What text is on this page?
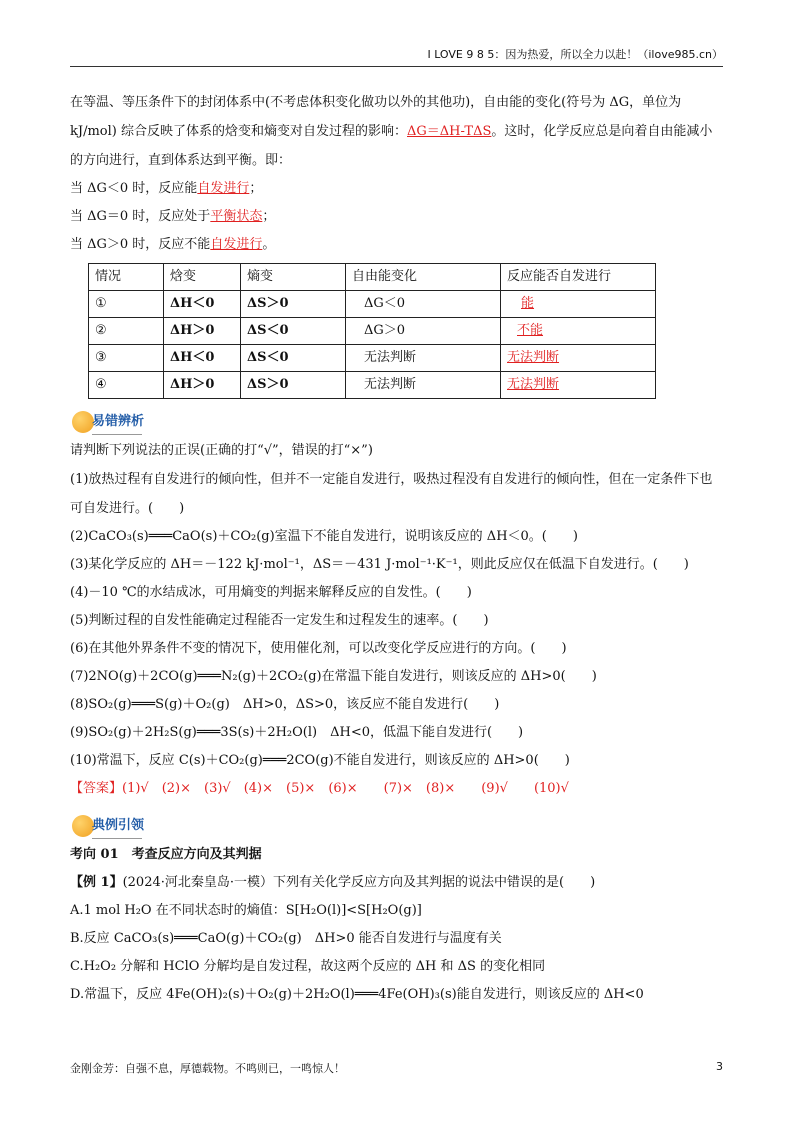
I LOVE 9 8 5：因为热爱，所以全力以赴！（ilove985.cn）

在等温、等压条件下的封闭体系中(不考虑体积变化做功以外的其他功)，自由能的变化(符号为 ΔG，单位为 kJ/mol) 综合反映了体系的焓变和熵变对自发过程的影响：ΔG＝ΔH-TΔS。这时，化学反应总是向着自由能减小的方向进行，直到体系达到平衡。即：

当 ΔG＜0 时，反应能自发进行；

当 ΔG＝0 时，反应处于平衡状态；

当 ΔG＞0 时，反应不能自发进行。

情况	焓变	熵变	自由能变化	反应能否自发进行
①	ΔH＜0	ΔS＞0	ΔG＜0	能
②	ΔH＞0	ΔS＜0	ΔG＞0	不能
③	ΔH＜0	ΔS＜0	无法判断	无法判断
④	ΔH＞0	ΔS＞0	无法判断	无法判断
易错辨析

请判断下列说法的正误(正确的打“√”，错误的打“×”)

(1)放热过程有自发进行的倾向性，但并不一定能自发进行，吸热过程没有自发进行的倾向性，但在一定条件下也可自发进行。(　　)

(2)CaCO₃(s)═══CaO(s)＋CO₂(g)室温下不能自发进行，说明该反应的 ΔH＜0。(　　)

(3)某化学反应的 ΔH＝－122 kJ·mol⁻¹，ΔS＝－431 J·mol⁻¹·K⁻¹，则此反应仅在低温下自发进行。(　　)

(4)－10 ℃的水结成冰，可用熵变的判据来解释反应的自发性。(　　)

(5)判断过程的自发性能确定过程能否一定发生和过程发生的速率。(　　)

(6)在其他外界条件不变的情况下，使用催化剂，可以改变化学反应进行的方向。(　　)

(7)2NO(g)＋2CO(g)═══N₂(g)＋2CO₂(g)在常温下能自发进行，则该反应的 ΔH>0(　　)

(8)SO₂(g)═══S(g)＋O₂(g)　ΔH>0，ΔS>0，该反应不能自发进行(　　)

(9)SO₂(g)＋2H₂S(g)═══3S(s)＋2H₂O(l)　ΔH<0，低温下能自发进行(　　)

(10)常温下，反应 C(s)＋CO₂(g)═══2CO(g)不能自发进行，则该反应的 ΔH>0(　　)

【答案】(1)√　(2)×　(3)√　(4)×　(5)×　(6)×　　(7)×　(8)×　　(9)√　　(10)√

典例引领

考向 01　考查反应方向及其判据

【例 1】(2024·河北秦皇岛·一模）下列有关化学反应方向及其判据的说法中错误的是(　　)

A.1 mol H₂O 在不同状态时的熵值：S[H₂O(l)]<S[H₂O(g)]

B.反应 CaCO₃(s)═══CaO(g)＋CO₂(g)　ΔH>0 能否自发进行与温度有关

C.H₂O₂ 分解和 HClO 分解均是自发过程，故这两个反应的 ΔH 和 ΔS 的变化相同

D.常温下，反应 4Fe(OH)₂(s)＋O₂(g)＋2H₂O(l)═══4Fe(OH)₃(s)能自发进行，则该反应的 ΔH<0

金刚金芳：自强不息，厚德载物。不鸣则已，一鸣惊人！	3
